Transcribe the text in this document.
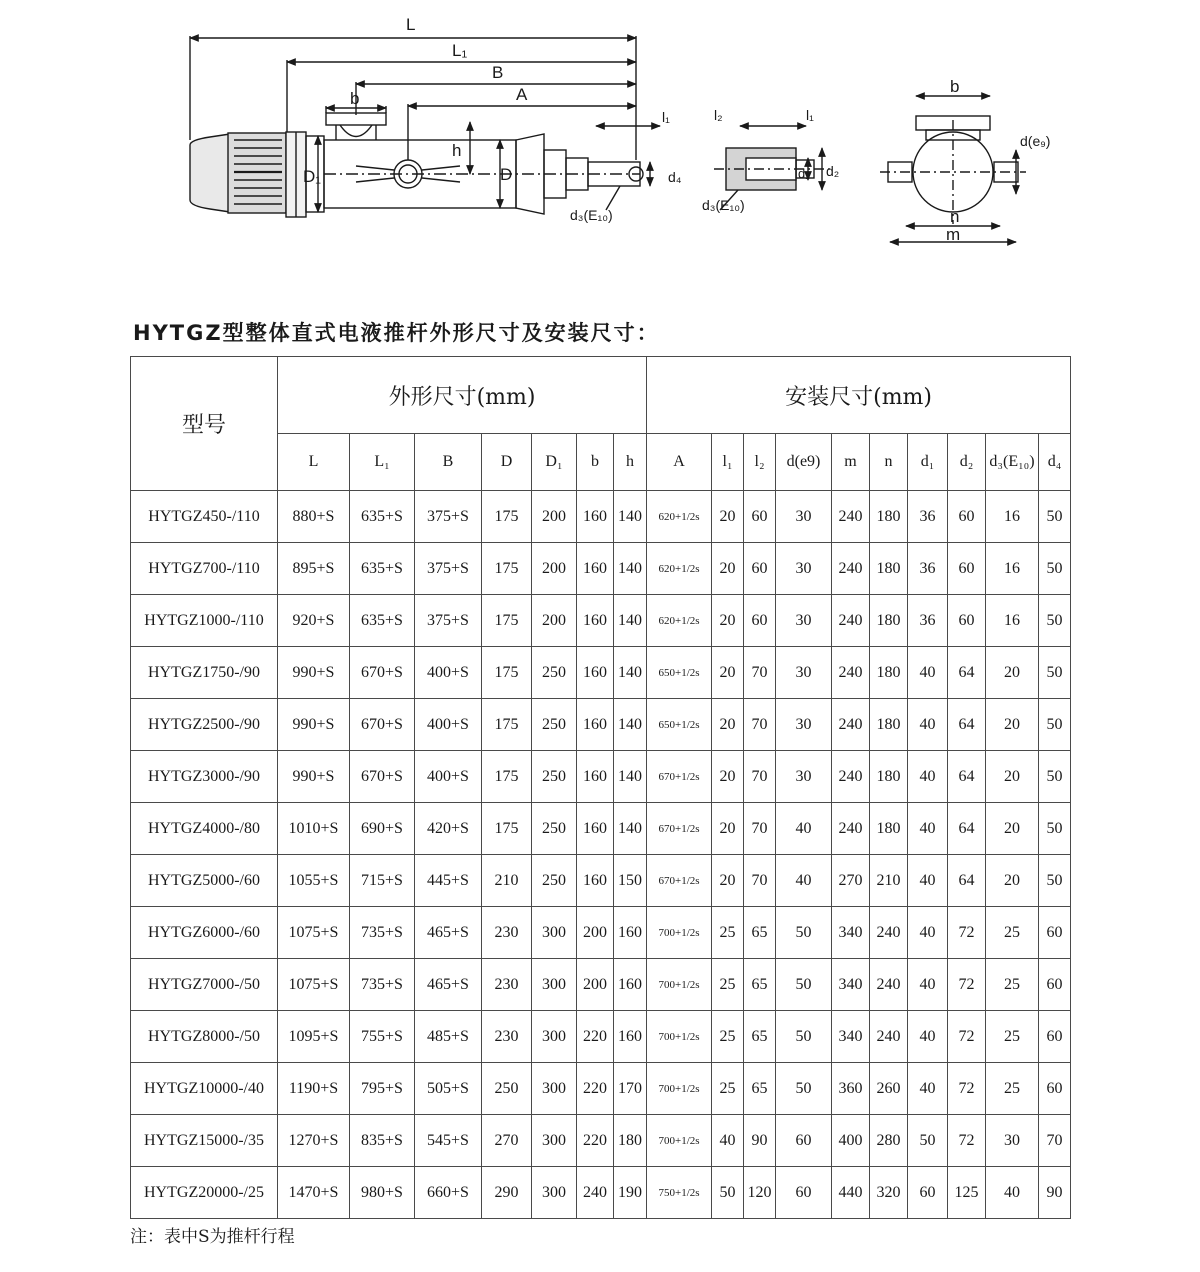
L
L₁
B
A
b
h
D
D₁
l₁
d₄
d₃(E₁₀)
l₂	l₁
d₁ d₂
d₃(E₁₀)
b
d(e₉)
n
m
HYTGZ型整体直式电液推杆外形尺寸及安装尺寸：
型号	外形尺寸(mm)							安装尺寸(mm)									
	L	L₁	B	D	D₁	b	h	A	l₁	l₂	d(e9)	m	n	d₁	d₂	d₃(E₁₀)	d₄
HYTGZ450-/110	880+S	635+S	375+S	175	200	160	140	620+1/2s	20	60	30	240	180	36	60	16	50
HYTGZ700-/110	895+S	635+S	375+S	175	200	160	140	620+1/2s	20	60	30	240	180	36	60	16	50
HYTGZ1000-/110	920+S	635+S	375+S	175	200	160	140	620+1/2s	20	60	30	240	180	36	60	16	50
HYTGZ1750-/90	990+S	670+S	400+S	175	250	160	140	650+1/2s	20	70	30	240	180	40	64	20	50
HYTGZ2500-/90	990+S	670+S	400+S	175	250	160	140	650+1/2s	20	70	30	240	180	40	64	20	50
HYTGZ3000-/90	990+S	670+S	400+S	175	250	160	140	670+1/2s	20	70	30	240	180	40	64	20	50
HYTGZ4000-/80	1010+S	690+S	420+S	175	250	160	140	670+1/2s	20	70	40	240	180	40	64	20	50
HYTGZ5000-/60	1055+S	715+S	445+S	210	250	160	150	670+1/2s	20	70	40	270	210	40	64	20	50
HYTGZ6000-/60	1075+S	735+S	465+S	230	300	200	160	700+1/2s	25	65	50	340	240	40	72	25	60
HYTGZ7000-/50	1075+S	735+S	465+S	230	300	200	160	700+1/2s	25	65	50	340	240	40	72	25	60
HYTGZ8000-/50	1095+S	755+S	485+S	230	300	220	160	700+1/2s	25	65	50	340	240	40	72	25	60
HYTGZ10000-/40	1190+S	795+S	505+S	250	300	220	170	700+1/2s	25	65	50	360	260	40	72	25	60
HYTGZ15000-/35	1270+S	835+S	545+S	270	300	220	180	700+1/2s	40	90	60	400	280	50	72	30	70
HYTGZ20000-/25	1470+S	980+S	660+S	290	300	240	190	750+1/2s	50	120	60	440	320	60	125	40	90
注：表中S为推杆行程
